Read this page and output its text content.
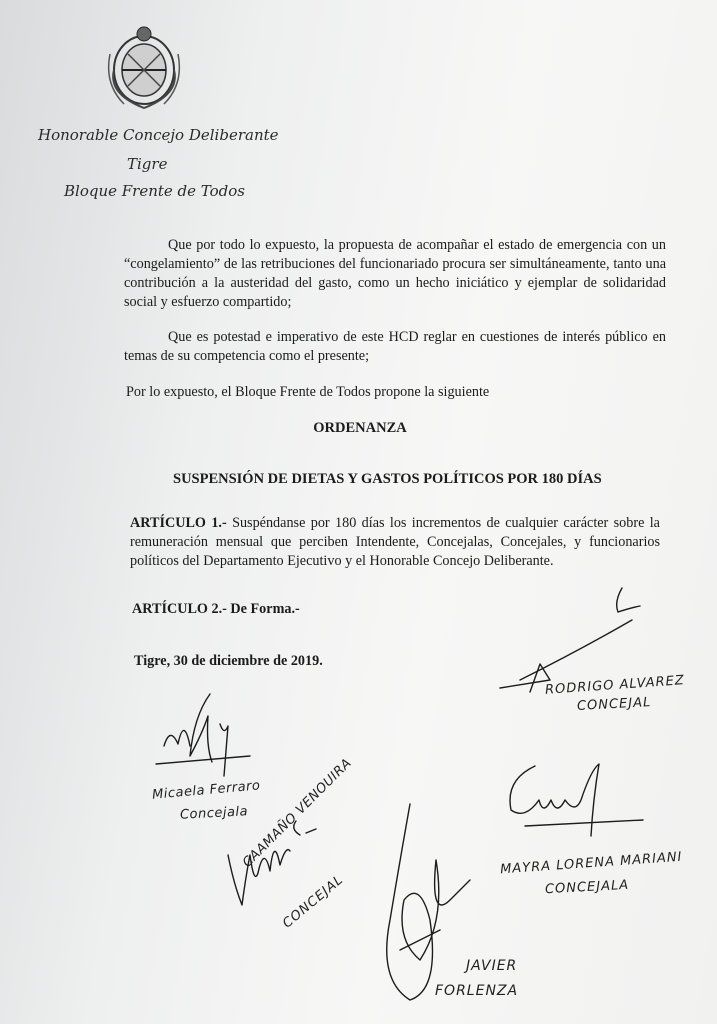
Honorable Concejo Deliberante
Tigre
Bloque Frente de Todos

Que por todo lo expuesto, la propuesta de acompañar el estado de emergencia con un “congelamiento” de las retribuciones del funcionariado procura ser simultáneamente, tanto una contribución a la austeridad del gasto, como un hecho iniciático y ejemplar de solidaridad social y esfuerzo compartido;

Que es potestad e imperativo de este HCD reglar en cuestiones de interés público en temas de su competencia como el presente;

Por lo expuesto, el Bloque Frente de Todos propone la siguiente

ORDENANZA
SUSPENSIÓN DE DIETAS Y GASTOS POLÍTICOS POR 180 DÍAS

ARTÍCULO 1.- Suspéndanse por 180 días los incrementos de cualquier carácter sobre la remuneración mensual que perciben Intendente, Concejalas, Concejales, y funcionarios políticos del Departamento Ejecutivo y el Honorable Concejo Deliberante.

ARTÍCULO 2.- De Forma.-
Tigre, 30 de diciembre de 2019.
RODRIGO ALVAREZ
CONCEJAL
Micaela Ferraro
Concejala
MAYRA LORENA MARIANI
CONCEJALA
CAAMAÑO VENOUIRA
CONCEJAL
JAVIER
FORLENZA
